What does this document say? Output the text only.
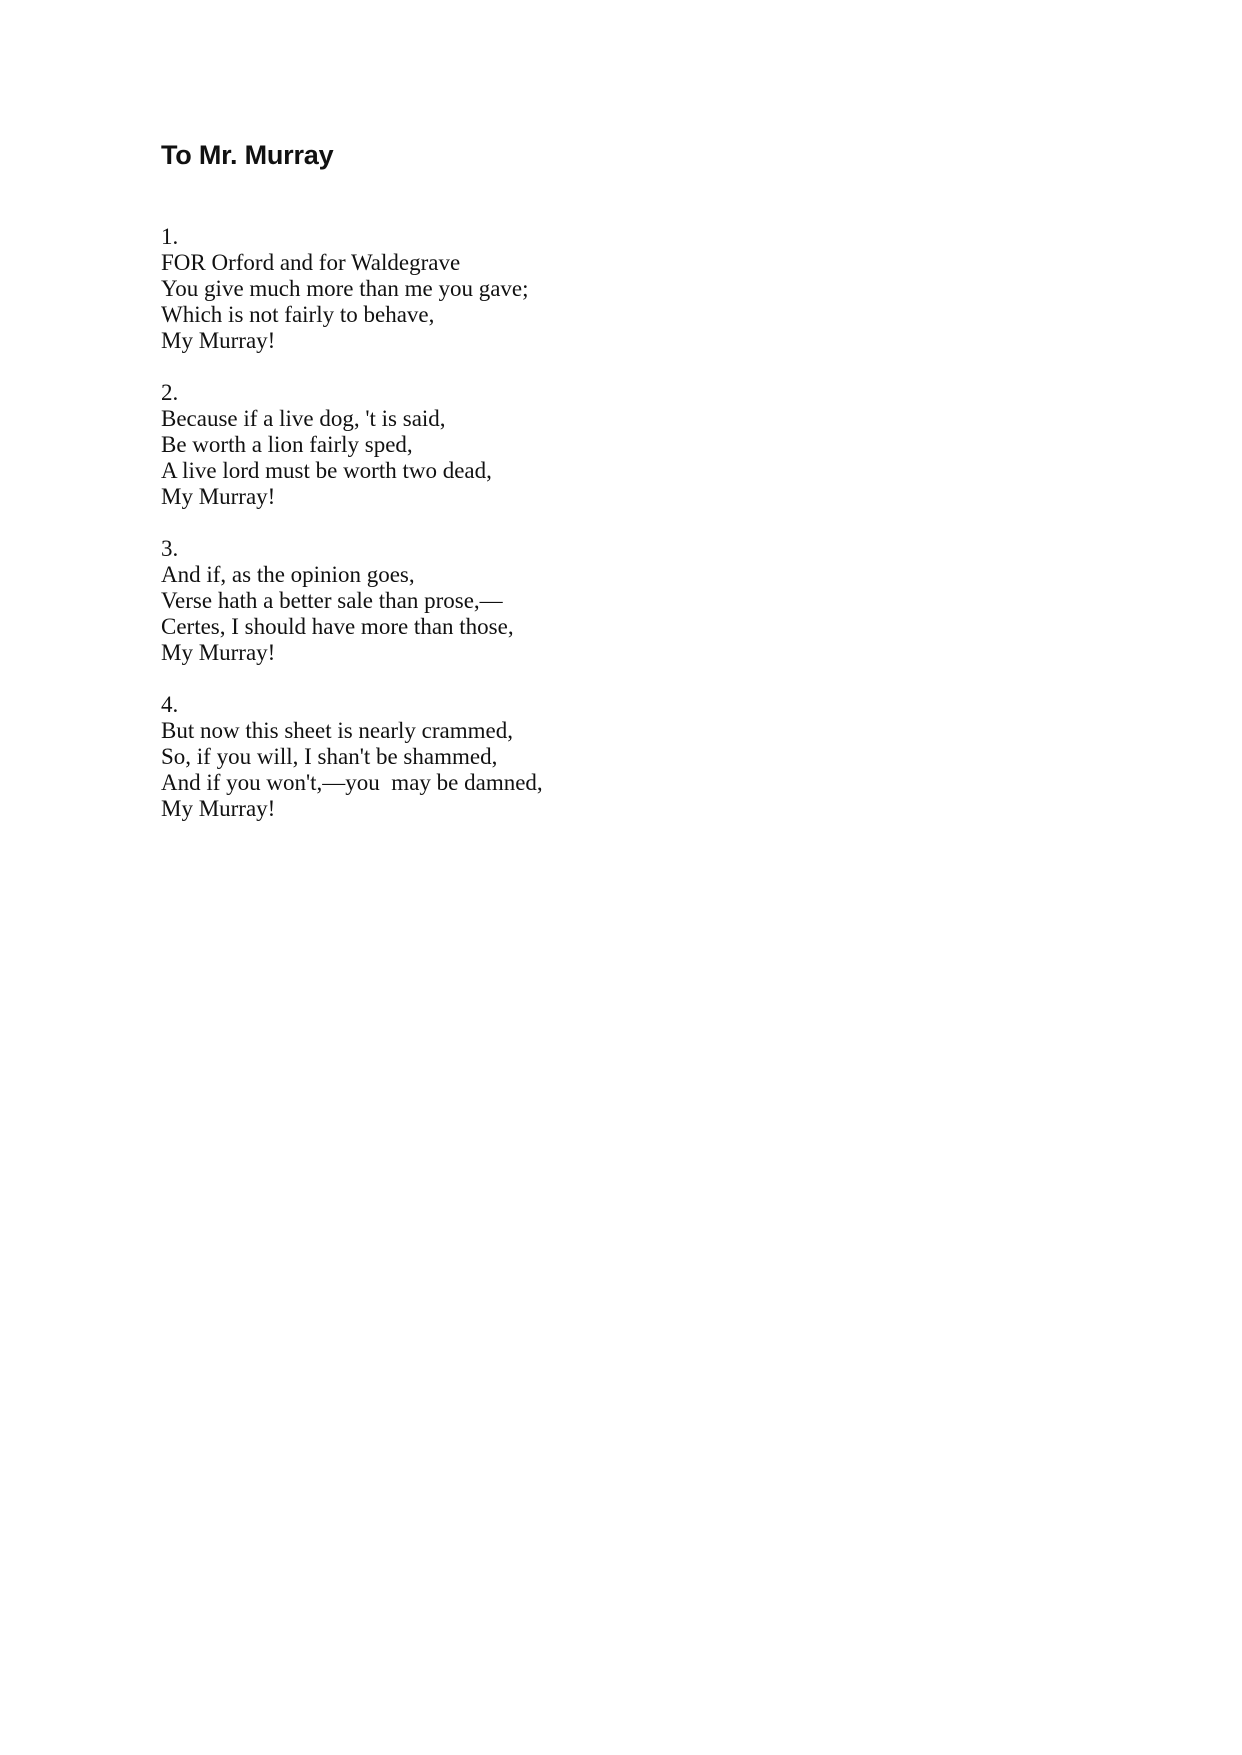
To Mr. Murray
1.
FOR Orford and for Waldegrave
You give much more than me you gave;
Which is not fairly to behave,
My Murray!
2.
Because if a live dog, 't is said,
Be worth a lion fairly sped,
A live lord must be worth two dead,
My Murray!
3.
And if, as the opinion goes,
Verse hath a better sale than prose,—
Certes, I should have more than those,
My Murray!
4.
But now this sheet is nearly crammed,
So, if you will, I shan't be shammed,
And if you won't,—you  may be damned,
My Murray!
